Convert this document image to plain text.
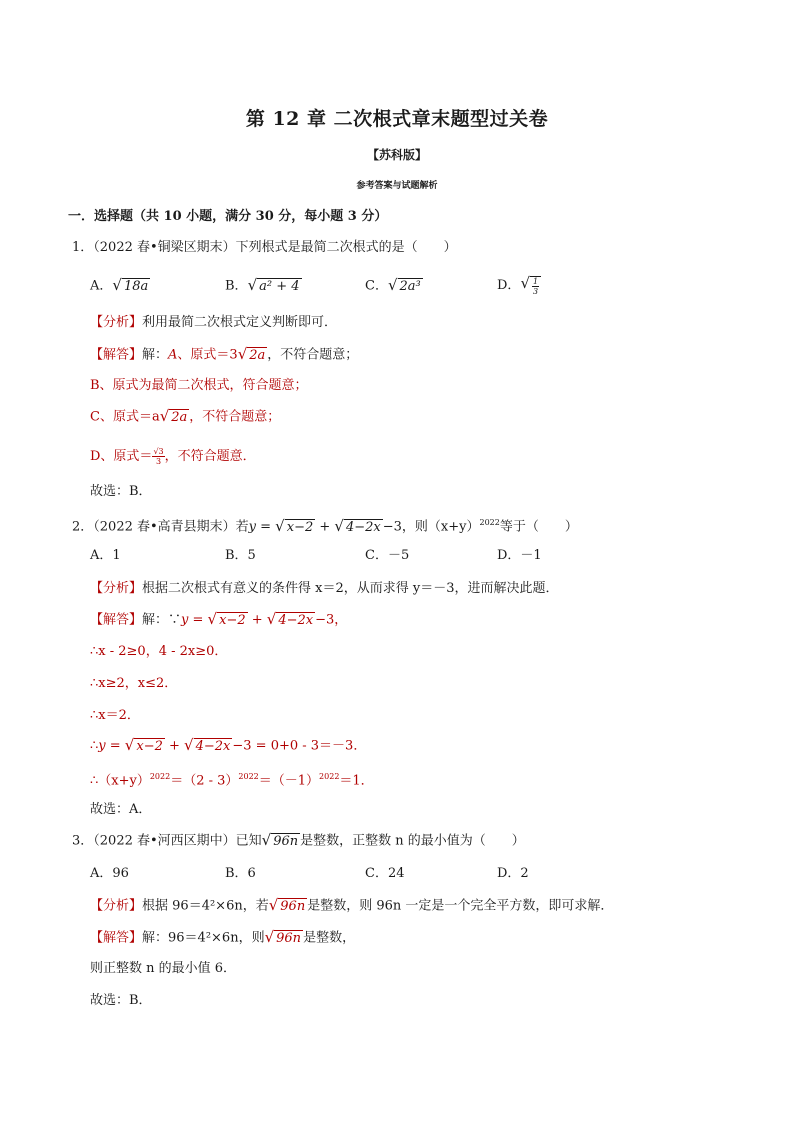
第 12 章 二次根式章末题型过关卷
【苏科版】
参考答案与试题解析
一．选择题（共 10 小题，满分 30 分，每小题 3 分）
1．（2022 春•铜梁区期末）下列根式是最简二次根式的是（　　）
A． √ 18a	B． √ a² + 4	C． √ 2a³	D． √ $\frac{1}{3}$
【分析】利用最简二次根式定义判断即可．
【解答】解：A、原式＝3 √ 2a ，不符合题意；
B、原式为最简二次根式，符合题意；
C、原式＝a √ 2a ，不符合题意；
D、原式＝ $\frac{√3}{3}$ ，不符合题意．
故选：B．
2．（2022 春•高青县期末）若y = √ x−2 + √ 4−2x −3，则$(x+y)^{2022}$等于（　　）
A．1	B．5	C．－5	D．－1
【分析】根据二次根式有意义的条件得 x＝2，从而求得 y＝－3，进而解决此题．
【解答】解：∵y = √ x−2 + √ 4−2x −3，
∴x - 2≥0，4 - 2x≥0．
∴x≥2，x≤2．
∴x＝2．
∴y = √ x−2 + √ 4−2x −3 = 0+0 - 3＝－3．
$\therefore(x+y)^{2022}=(2 - 3)^{2022}=(-1)^{2022}=1$．
故选：A．
3．（2022 春•河西区期中）已知 √ 96n 是整数，正整数 n 的最小值为（　　）
A．96	B．6	C．24	D．2
【分析】根据 96＝4²×6n，若 √ 96n 是整数，则 96n 一定是一个完全平方数，即可求解．
【解答】解：96＝4²×6n，则 √ 96n 是整数，
则正整数 n 的最小值 6．
故选：B．
